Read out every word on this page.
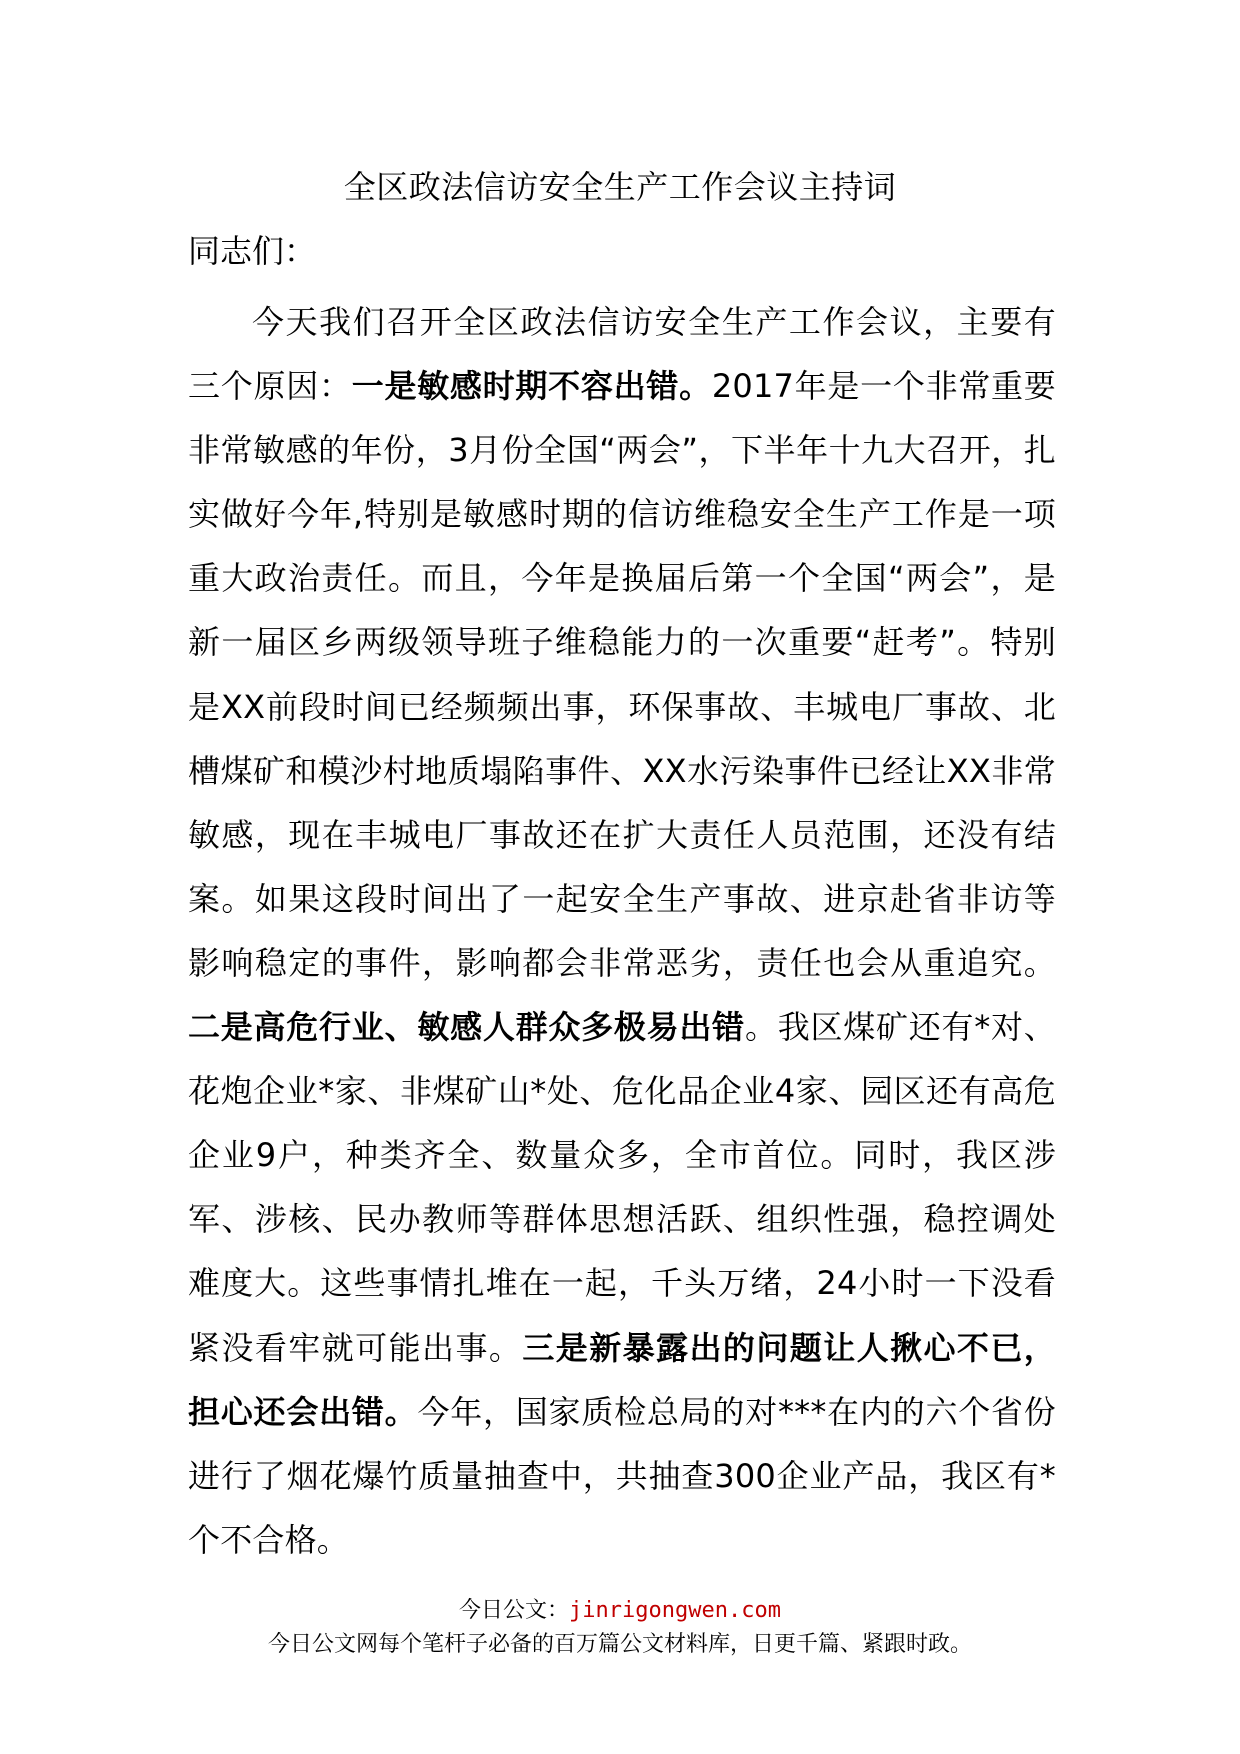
全区政法信访安全生产工作会议主持词
同志们：

今天我们召开全区政法信访安全生产工作会议，主要有三个原因：一是敏感时期不容出错。2017年是一个非常重要非常敏感的年份，3月份全国“两会”，下半年十九大召开，扎实做好今年,特别是敏感时期的信访维稳安全生产工作是一项重大政治责任。而且，今年是换届后第一个全国“两会”，是新一届区乡两级领导班子维稳能力的一次重要“赶考”。特别是XX前段时间已经频频出事，环保事故、丰城电厂事故、北槽煤矿和模沙村地质塌陷事件、XX水污染事件已经让XX非常敏感，现在丰城电厂事故还在扩大责任人员范围，还没有结案。如果这段时间出了一起安全生产事故、进京赴省非访等影响稳定的事件，影响都会非常恶劣，责任也会从重追究。二是高危行业、敏感人群众多极易出错。我区煤矿还有*对、花炮企业*家、非煤矿山*处、危化品企业4家、园区还有高危企业9户，种类齐全、数量众多，全市首位。同时，我区涉军、涉核、民办教师等群体思想活跃、组织性强，稳控调处难度大。这些事情扎堆在一起，千头万绪，24小时一下没看紧没看牢就可能出事。三是新暴露出的问题让人揪心不已，担心还会出错。今年，国家质检总局的对***在内的六个省份进行了烟花爆竹质量抽查中，共抽查300企业产品，我区有*个不合格。

今日公文：jinrigongwen.com
今日公文网每个笔杆子必备的百万篇公文材料库，日更千篇、紧跟时政。
